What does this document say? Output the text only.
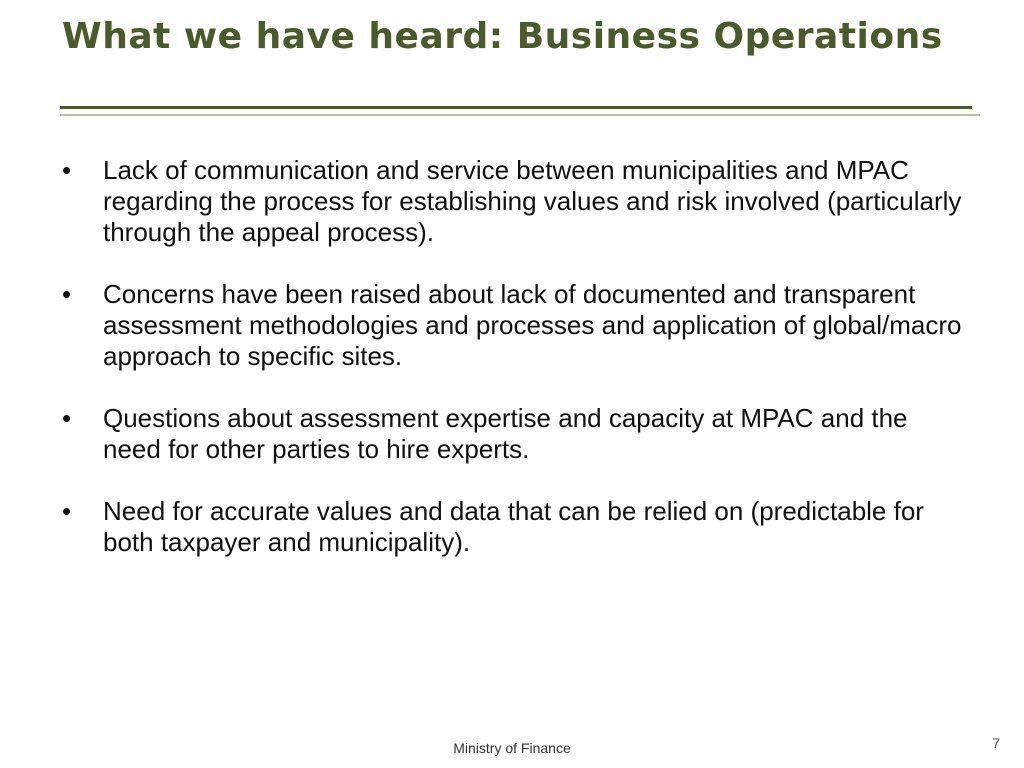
What we have heard: Business Operations
•	Lack of communication and service between municipalities and MPAC regarding the process for establishing values and risk involved (particularly through the appeal process).
•	Concerns have been raised about lack of documented and transparent assessment methodologies and processes and application of global/macro approach to specific sites.
•	Questions about assessment expertise and capacity at MPAC and the need for other parties to hire experts.
•	Need for accurate values and data that can be relied on (predictable for both taxpayer and municipality).
Ministry of Finance	7
